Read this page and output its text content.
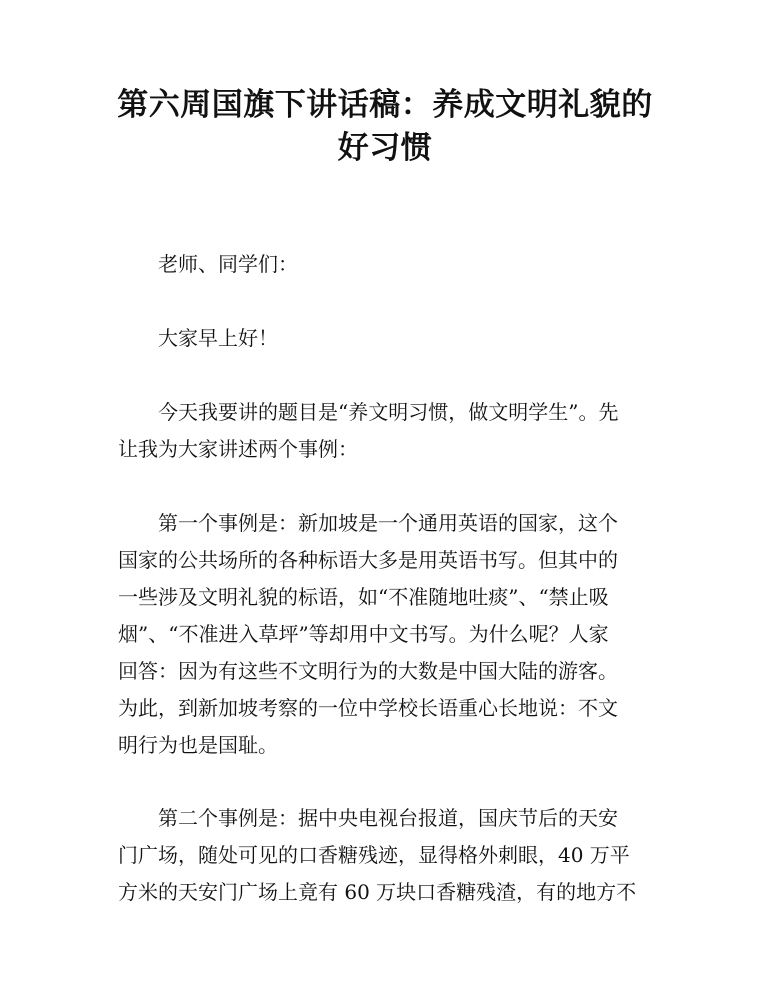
第六周国旗下讲话稿：养成文明礼貌的
好习惯
老师、同学们：
大家早上好！
今天我要讲的题目是“养文明习惯，做文明学生”。先
让我为大家讲述两个事例：
第一个事例是：新加坡是一个通用英语的国家，这个
国家的公共场所的各种标语大多是用英语书写。但其中的
一些涉及文明礼貌的标语，如“不准随地吐痰”、“禁止吸
烟”、“不准进入草坪”等却用中文书写。为什么呢？人家
回答：因为有这些不文明行为的大数是中国大陆的游客。
为此，到新加坡考察的一位中学校长语重心长地说：不文
明行为也是国耻。
第二个事例是：据中央电视台报道，国庆节后的天安
门广场，随处可见的口香糖残迹，显得格外刺眼，40 万平
方米的天安门广场上竟有 60 万块口香糖残渣，有的地方不
